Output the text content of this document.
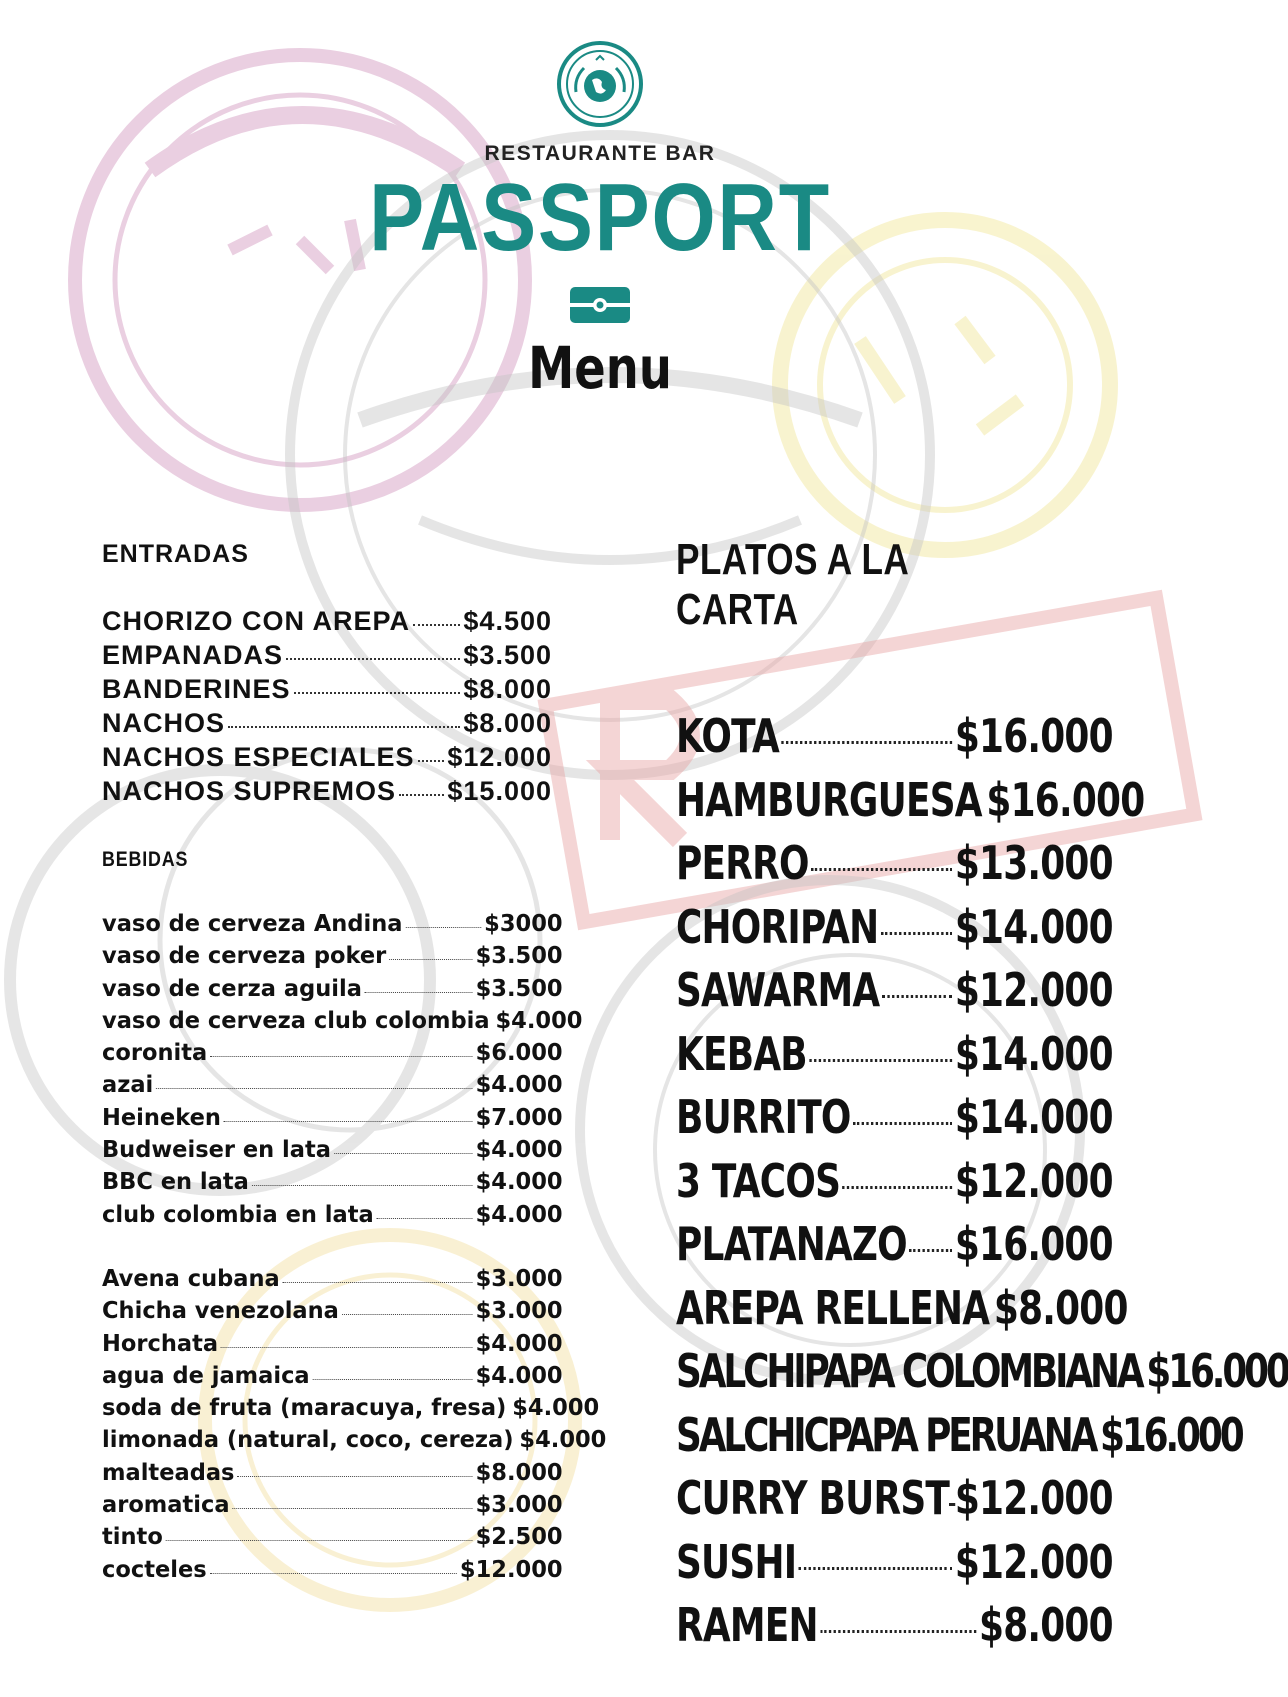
RESTAURANTE BAR
PASSPORT
Menu
ENTRADAS
CHORIZO CON AREPA $4.500
EMPANADAS	$3.500
BANDERINES	$8.000
NACHOS	$8.000
NACHOS ESPECIALES $12.000
NACHOS SUPREMOS $15.000
BEBIDAS
vaso de cerveza Andina	$3000
vaso de cerveza poker	$3.500
vaso de cerza aguila	$3.500
vaso de cerveza club colombia $4.000
coronita	$6.000
azai	$4.000
Heineken	$7.000
Budweiser en lata	$4.000
BBC en lata	$4.000
club colombia en lata	$4.000
Avena cubana	$3.000
Chicha venezolana	$3.000
Horchata	$4.000
agua de jamaica	$4.000
soda de fruta (maracuya, fresa) $4.000
limonada (natural, coco, cereza) $4.000
malteadas	$8.000
aromatica	$3.000
tinto	$2.500
cocteles	$12.000
PLATOS A LA CARTA
KOTA	$16.000
HAMBURGUESA $16.000
PERRO	$13.000
CHORIPAN $14.000
SAWARMA $12.000
KEBAB	$14.000
BURRITO $14.000
3 TACOS $12.000
PLATANAZO $16.000
AREPA RELLENA $8.000
SALCHIPAPA COLOMBIANA $16.000
SALCHICPAPA PERUANA $16.000
CURRY BURST $12.000
SUSHI	$12.000
RAMEN	$8.000
